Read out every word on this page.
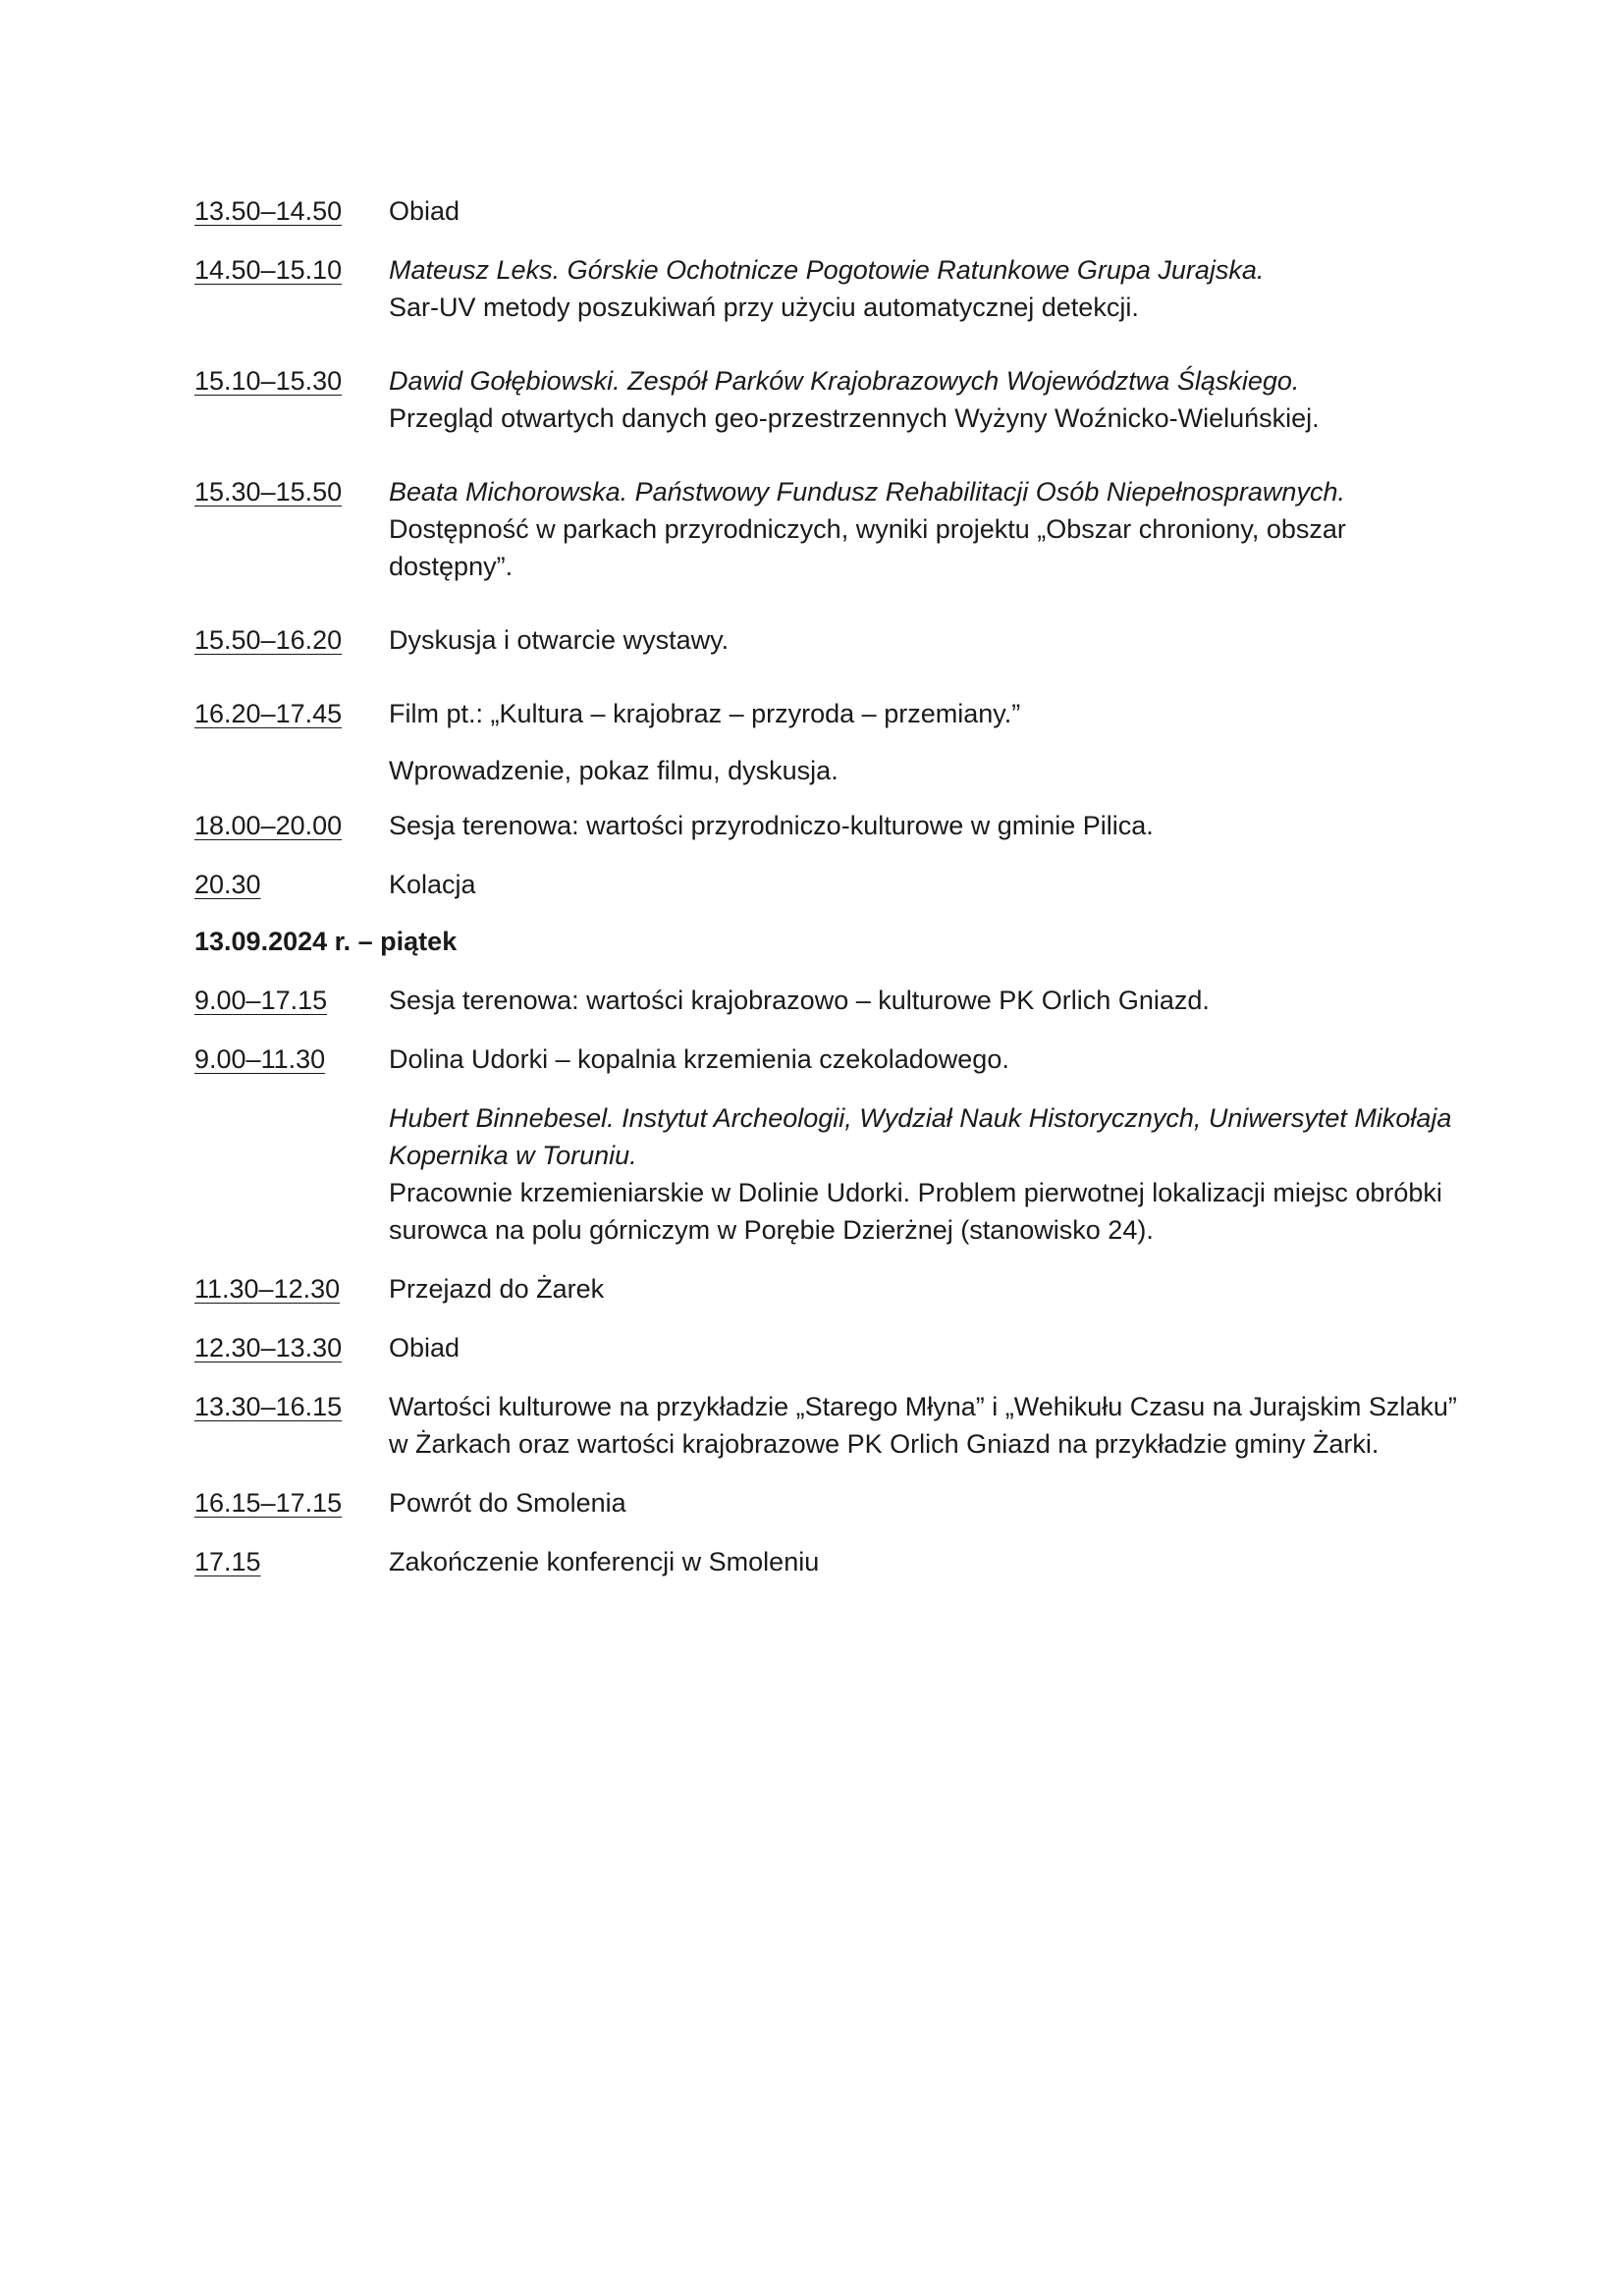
13.50–14.50	Obiad
14.50–15.10	Mateusz Leks. Górskie Ochotnicze Pogotowie Ratunkowe Grupa Jurajska.
Sar-UV metody poszukiwań przy użyciu automatycznej detekcji.
15.10–15.30	Dawid Gołębiowski. Zespół Parków Krajobrazowych Województwa Śląskiego.
Przegląd otwartych danych geo-przestrzennych Wyżyny Woźnicko-Wieluńskiej.
15.30–15.50	Beata Michorowska. Państwowy Fundusz Rehabilitacji Osób Niepełnosprawnych.
Dostępność w parkach przyrodniczych, wyniki projektu „Obszar chroniony, obszar dostępny”.
15.50–16.20	Dyskusja i otwarcie wystawy.
16.20–17.45	Film pt.: „Kultura – krajobraz – przyroda – przemiany.”
Wprowadzenie, pokaz filmu, dyskusja.
18.00–20.00	Sesja terenowa: wartości przyrodniczo-kulturowe w gminie Pilica.
20.30	Kolacja
13.09.2024 r. – piątek
9.00–17.15	Sesja terenowa: wartości krajobrazowo – kulturowe PK Orlich Gniazd.
9.00–11.30	Dolina Udorki – kopalnia krzemienia czekoladowego.
Hubert Binnebesel. Instytut Archeologii, Wydział Nauk Historycznych, Uniwersytet Mikołaja Kopernika w Toruniu.
Pracownie krzemieniarskie w Dolinie Udorki. Problem pierwotnej lokalizacji miejsc obróbki surowca na polu górniczym w Porębie Dzierżnej (stanowisko 24).
11.30–12.30	Przejazd do Żarek
12.30–13.30	Obiad
13.30–16.15	Wartości kulturowe na przykładzie „Starego Młyna” i „Wehikułu Czasu na Jurajskim Szlaku” w Żarkach oraz wartości krajobrazowe PK Orlich Gniazd na przykładzie gminy Żarki.
16.15–17.15	Powrót do Smolenia
17.15	Zakończenie konferencji w Smoleniu
